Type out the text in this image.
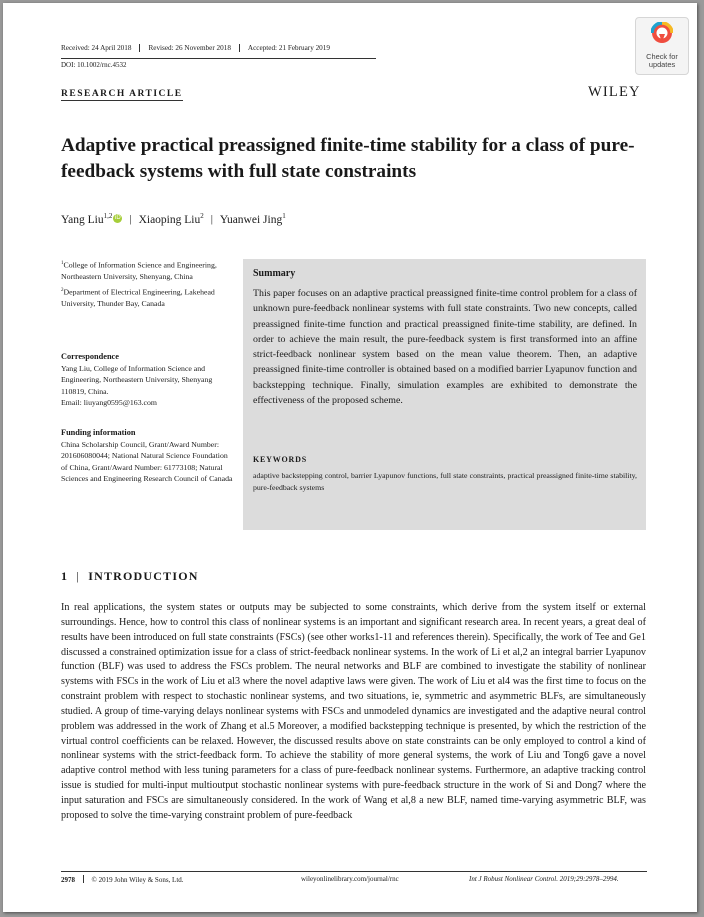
Received: 24 April 2018 Revised: 26 November 2018 Accepted: 21 February 2019
DOI: 10.1002/rnc.4532
Check for
updates
WILEY
RESEARCH ARTICLE
Adaptive practical preassigned finite-time stability for a class of pure-feedback systems with full state constraints
Yang Liu$^{1,2}$ iD | Xiaoping Liu$^2$ | Yuanwei Jing$^1$
$^1$College of Information Science and Engineering, Northeastern University, Shenyang, China
$^2$Department of Electrical Engineering, Lakehead University, Thunder Bay, Canada
Correspondence
Yang Liu, College of Information Science and Engineering, Northeastern University, Shenyang 110819, China.
Email: liuyang0595@163.com
Funding information
China Scholarship Council, Grant/Award Number: 201606080044; National Natural Science Foundation of China, Grant/Award Number: 61773108; Natural Sciences and Engineering Research Council of Canada
Summary
This paper focuses on an adaptive practical preassigned finite-time control problem for a class of unknown pure-feedback nonlinear systems with full state constraints. Two new concepts, called preassigned finite-time function and practical preassigned finite-time stability, are defined. In order to achieve the main result, the pure-feedback system is first transformed into an affine strict-feedback nonlinear system based on the mean value theorem. Then, an adaptive preassigned finite-time controller is obtained based on a modified barrier Lyapunov function and backstepping technique. Finally, simulation examples are exhibited to demonstrate the effectiveness of the proposed scheme.
KEYWORDS
adaptive backstepping control, barrier Lyapunov functions, full state constraints, practical preassigned finite-time stability, pure-feedback systems
1 | INTRODUCTION
In real applications, the system states or outputs may be subjected to some constraints, which derive from the system itself or external surroundings. Hence, how to control this class of nonlinear systems is an important and significant research area. In recent years, a great deal of results have been introduced on full state constraints (FSCs) (see other works1-11 and references therein). Specifically, the work of Tee and Ge1 discussed a constrained optimization issue for a class of strict-feedback nonlinear systems. In the work of Li et al,2 an integral barrier Lyapunov function (BLF) was used to address the FSCs problem. The neural networks and BLF are combined to investigate the stability of nonlinear systems with FSCs in the work of Liu et al3 where the novel adaptive laws were given. The work of Liu et al4 was the first time to focus on the constraint problem with respect to stochastic nonlinear systems, and two situations, ie, symmetric and asymmetric BLFs, are simultaneously studied. A group of time-varying delays nonlinear systems with FSCs and unmodeled dynamics are investigated and the adaptive neural control problem was addressed in the work of Zhang et al.5 Moreover, a modified backstepping technique is presented, by which the restriction of the virtual control coefficients can be relaxed. However, the discussed results above on state constraints can be only employed to control a kind of nonlinear systems with the strict-feedback form. To achieve the stability of more general systems, the work of Liu and Tong6 gave a novel adaptive control method with less tuning parameters for a class of pure-feedback nonlinear systems. Furthermore, an adaptive tracking control issue is studied for multi-input multioutput stochastic nonlinear systems with pure-feedback structure in the work of Si and Dong7 where the input saturation and FSCs are simultaneously considered. In the work of Wang et al,8 a new BLF, named time-varying asymmetric BLF, was proposed to solve the time-varying constraint problem of pure-feedback
2978 © 2019 John Wiley & Sons, Ltd.	wileyonlinelibrary.com/journal/rnc	Int J Robust Nonlinear Control. 2019;29:2978–2994.
